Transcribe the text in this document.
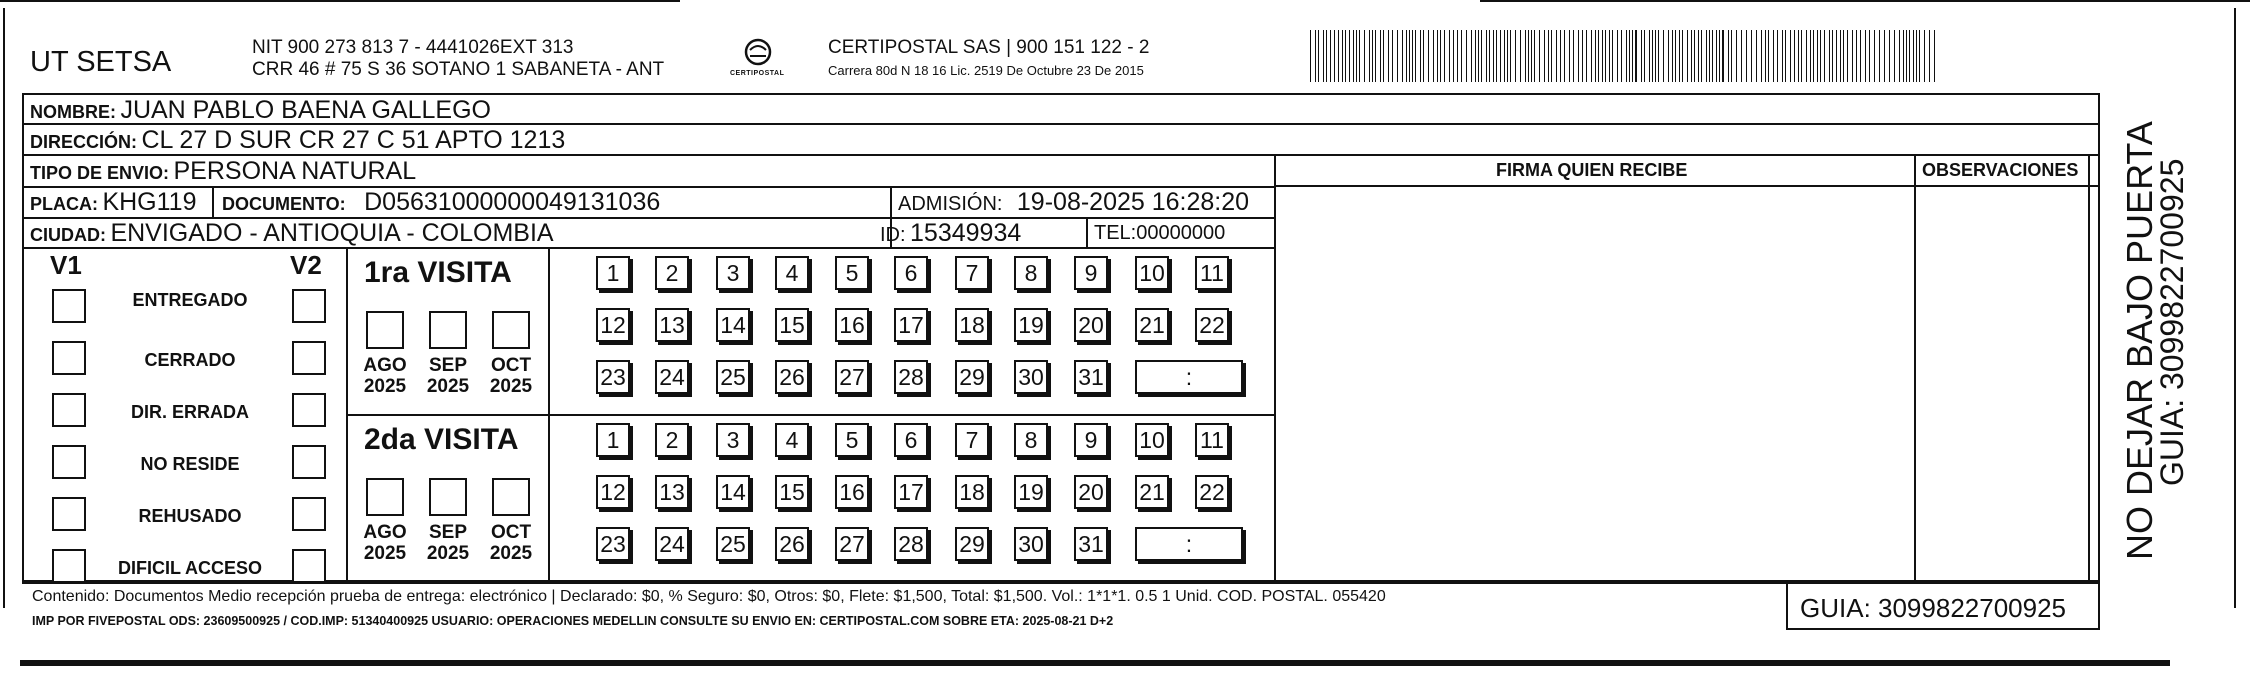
UT SETSA	NIT 900 273 813 7 - 4441026EXT 313
CRR 46 # 75 S 36 SOTANO 1 SABANETA - ANT	CERTIPOSTAL
CERTIPOSTAL SAS | 900 151 122 - 2
Carrera 80d N 18 16 Lic. 2519 De Octubre 23 De 2015
NOMBRE: JUAN PABLO BAENA GALLEGO
DIRECCIÓN: CL 27 D SUR CR 27 C 51 APTO 1213
TIPO DE ENVIO: PERSONA NATURAL
PLACA: KHG119 DOCUMENTO: D05631000000049131036	ADMISIÓN: 19-08-2025 16:28:20
CIUDAD: ENVIGADO - ANTIOQUIA - COLOMBIA	ID: 15349934	TEL:00000000
FIRMA QUIEN RECIBE	OBSERVACIONES
V1	V2
ENTREGADO
CERRADO
DIR. ERRADA
NO RESIDE
REHUSADO
DIFICIL ACCESO
1ra VISITA
AGO
2025
SEP
2025
OCT
2025
1	2	3	4	5	6	7	8	9	10 11
12 13 14 15 16 17 18 19 20 21 22
23 24 25 26 27 28 29 30 31	:
2da VISITA
AGO
2025
SEP
2025
OCT
2025
1	2	3	4	5	6	7	8	9	10 11
12 13 14 15 16 17 18 19 20 21 22
23 24 25 26 27 28 29 30 31	:
Contenido: Documentos Medio recepción prueba de entrega: electrónico | Declarado: $0, % Seguro: $0, Otros: $0, Flete: $1,500, Total: $1,500. Vol.: 1*1*1. 0.5 1 Unid. COD. POSTAL. 055420
IMP POR FIVEPOSTAL ODS: 23609500925 / COD.IMP: 51340400925 USUARIO: OPERACIONES MEDELLIN CONSULTE SU ENVIO EN: CERTIPOSTAL.COM SOBRE ETA: 2025-08-21 D+2	GUIA: 3099822700925
NO DEJAR BAJO PUERTA
GUIA: 3099822700925
